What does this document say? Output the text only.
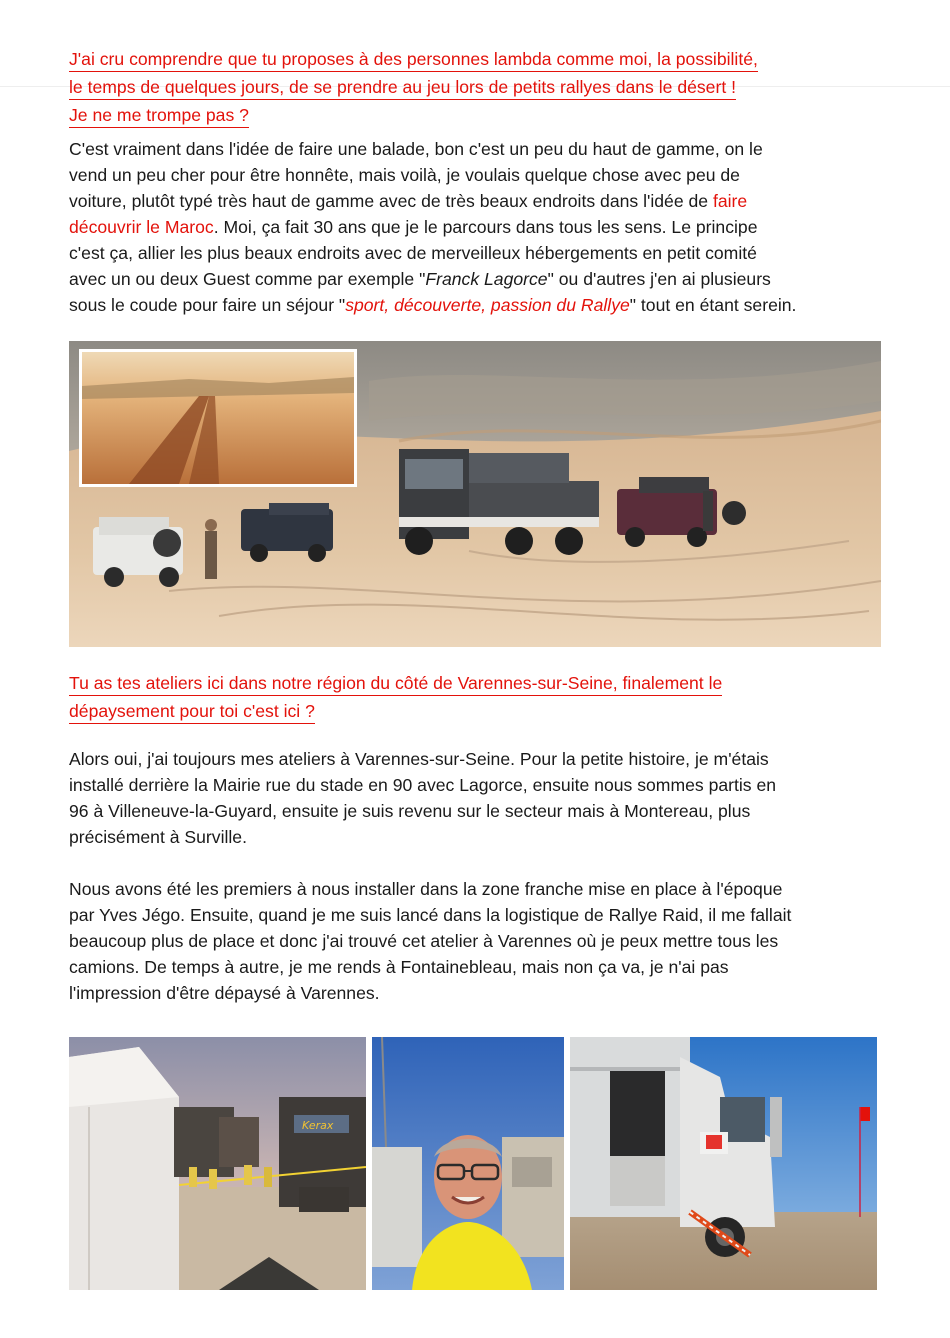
J'ai cru comprendre que tu proposes à des personnes lambda comme moi, la possibilité,
le temps de quelques jours, de se prendre au jeu lors de petits rallyes dans le désert !
Je ne me trompe pas ?
C'est vraiment dans l'idée de faire une balade, bon c'est un peu du haut de gamme, on le
vend un peu cher pour être honnête, mais voilà, je voulais quelque chose avec peu de
voiture, plutôt typé très haut de gamme avec de très beaux endroits dans l'idée de faire
découvrir le Maroc. Moi, ça fait 30 ans que je le parcours dans tous les sens. Le principe
c'est ça, allier les plus beaux endroits avec de merveilleux hébergements en petit comité
avec un ou deux Guest comme par exemple "Franck Lagorce" ou d'autres j'en ai plusieurs
sous le coude pour faire un séjour "sport, découverte, passion du Rallye" tout en étant serein.
Tu as tes ateliers ici dans notre région du côté de Varennes-sur-Seine, finalement le
dépaysement pour toi c'est ici ?
Alors oui, j'ai toujours mes ateliers à Varennes-sur-Seine. Pour la petite histoire, je m'étais
installé derrière la Mairie rue du stade en 90 avec Lagorce, ensuite nous sommes partis en
96 à Villeneuve-la-Guyard, ensuite je suis revenu sur le secteur mais à Montereau, plus
précisément à Surville.
Nous avons été les premiers à nous installer dans la zone franche mise en place à l'époque
par Yves Jégo. Ensuite, quand je me suis lancé dans la logistique de Rallye Raid, il me fallait
beaucoup plus de place et donc j'ai trouvé cet atelier à Varennes où je peux mettre tous les
camions. De temps à autre, je me rends à Fontainebleau, mais non ça va, je n'ai pas
l'impression d'être dépaysé à Varennes.
Kerax
